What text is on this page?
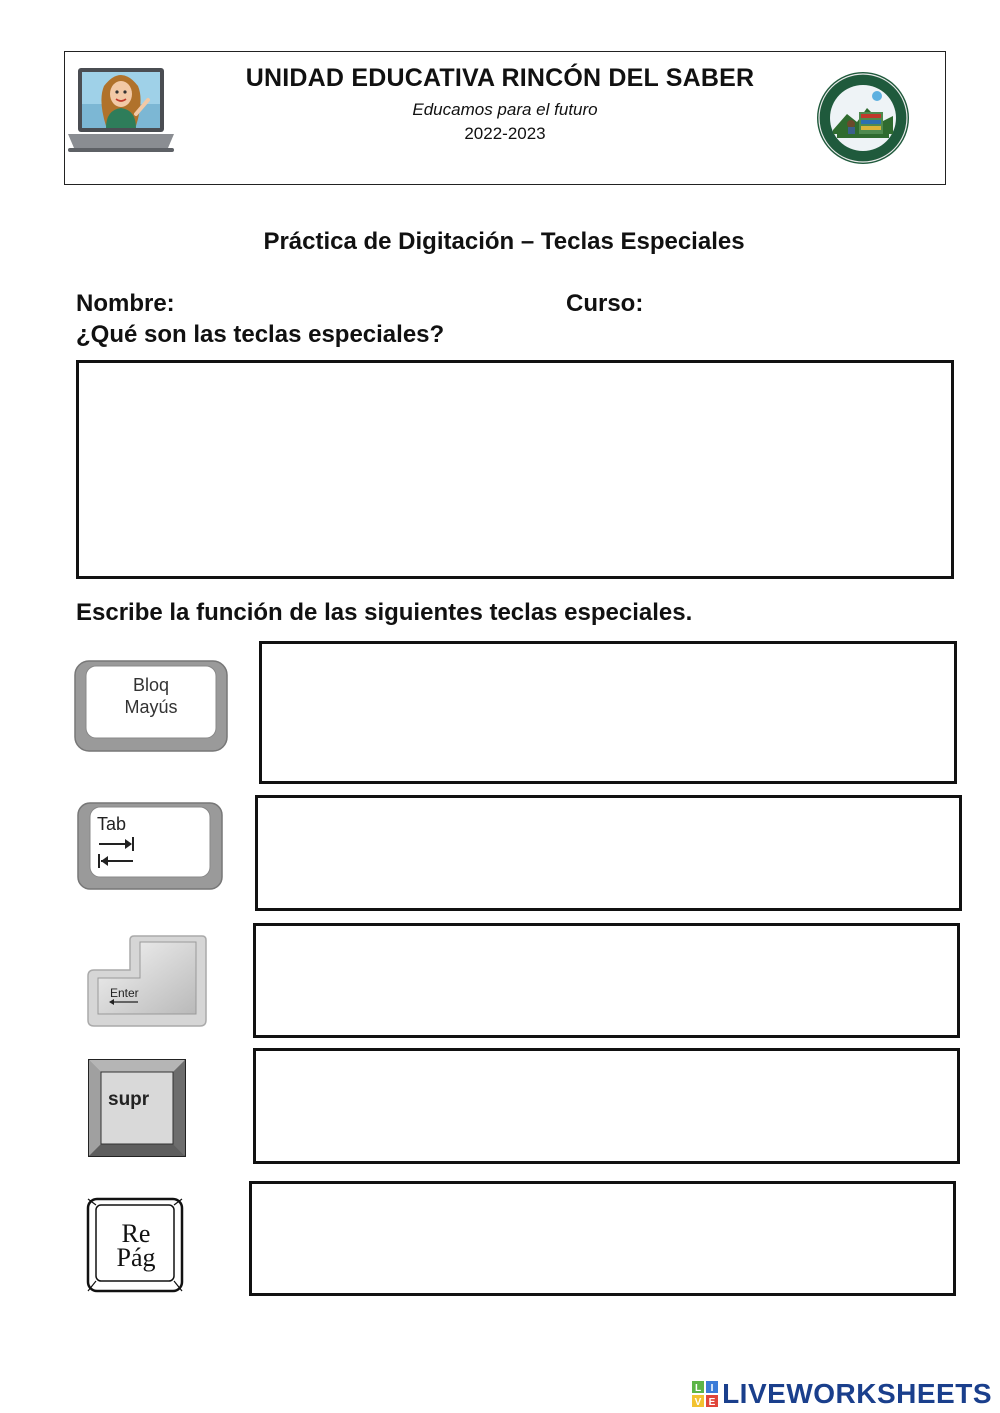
UNIDAD EDUCATIVA RINCÓN DEL SABER
Educamos para el futuro
2022-2023
Práctica de Digitación – Teclas Especiales
Nombre:	Curso:
¿Qué son las teclas especiales?
Escribe la función de las siguientes teclas especiales.
Bloq
Mayús
Tab
Enter
supr
Re
Pág
L I
V E LIVEWORKSHEETS
